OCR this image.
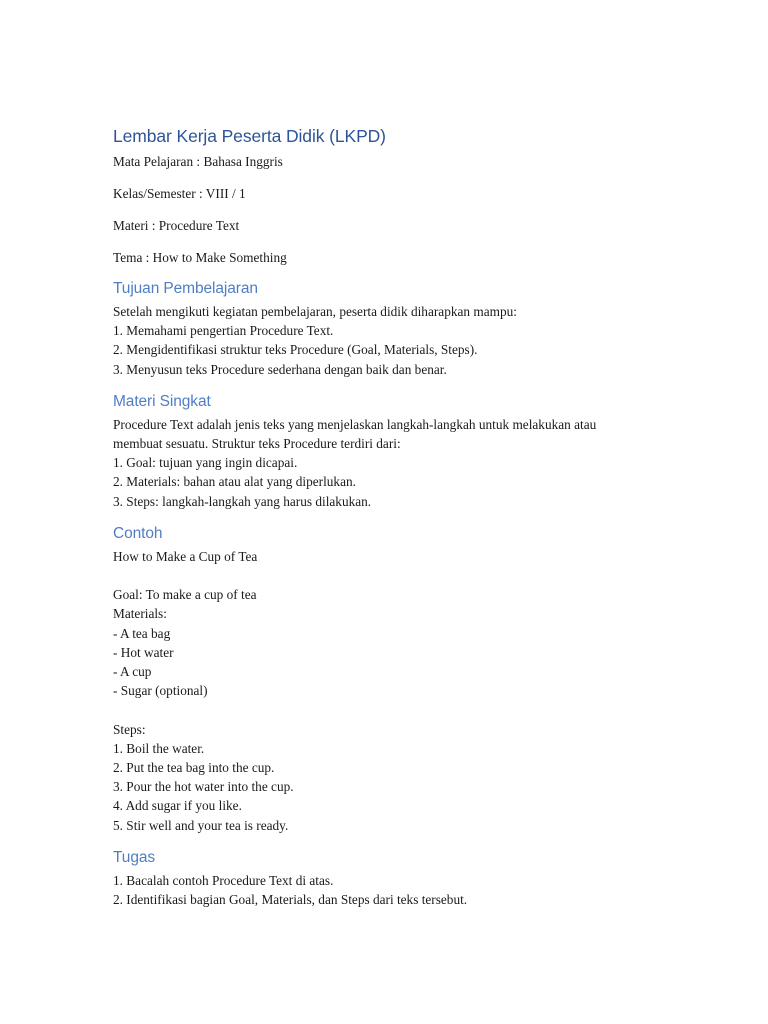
Lembar Kerja Peserta Didik (LKPD)

Mata Pelajaran : Bahasa Inggris

Kelas/Semester : VIII / 1

Materi : Procedure Text

Tema : How to Make Something

Tujuan Pembelajaran

Setelah mengikuti kegiatan pembelajaran, peserta didik diharapkan mampu:

1. Memahami pengertian Procedure Text.

2. Mengidentifikasi struktur teks Procedure (Goal, Materials, Steps).

3. Menyusun teks Procedure sederhana dengan baik dan benar.

Materi Singkat

Procedure Text adalah jenis teks yang menjelaskan langkah-langkah untuk melakukan atau

membuat sesuatu. Struktur teks Procedure terdiri dari:

1. Goal: tujuan yang ingin dicapai.

2. Materials: bahan atau alat yang diperlukan.

3. Steps: langkah-langkah yang harus dilakukan.

Contoh

How to Make a Cup of Tea

Goal: To make a cup of tea

Materials:

- A tea bag

- Hot water

- A cup

- Sugar (optional)

Steps:

1. Boil the water.

2. Put the tea bag into the cup.

3. Pour the hot water into the cup.

4. Add sugar if you like.

5. Stir well and your tea is ready.

Tugas

1. Bacalah contoh Procedure Text di atas.

2. Identifikasi bagian Goal, Materials, dan Steps dari teks tersebut.
